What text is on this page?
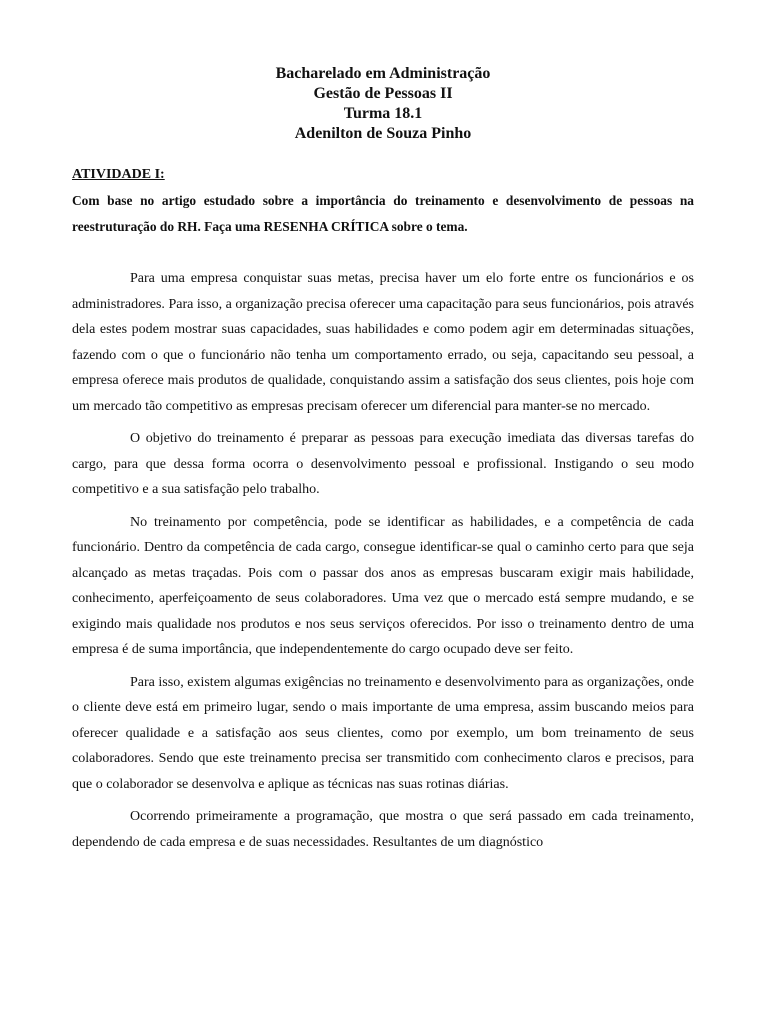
Bacharelado em Administração
Gestão de Pessoas II
Turma 18.1
Adenilton de Souza Pinho
ATIVIDADE I:
Com base no artigo estudado sobre a importância do treinamento e desenvolvimento de pessoas na reestruturação do RH. Faça uma RESENHA CRÍTICA sobre o tema.

Para uma empresa conquistar suas metas, precisa haver um elo forte entre os funcionários e os administradores. Para isso, a organização precisa oferecer uma capacitação para seus funcionários, pois através dela estes podem mostrar suas capacidades, suas habilidades e como podem agir em determinadas situações, fazendo com o que o funcionário não tenha um comportamento errado, ou seja, capacitando seu pessoal, a empresa oferece mais produtos de qualidade, conquistando assim a satisfação dos seus clientes, pois hoje com um mercado tão competitivo as empresas precisam oferecer um diferencial para manter-se no mercado.

O objetivo do treinamento é preparar as pessoas para execução imediata das diversas tarefas do cargo, para que dessa forma ocorra o desenvolvimento pessoal e profissional. Instigando o seu modo competitivo e a sua satisfação pelo trabalho.

No treinamento por competência, pode se identificar as habilidades, e a competência de cada funcionário. Dentro da competência de cada cargo, consegue identificar-se qual o caminho certo para que seja alcançado as metas traçadas. Pois com o passar dos anos as empresas buscaram exigir mais habilidade, conhecimento, aperfeiçoamento de seus colaboradores. Uma vez que o mercado está sempre mudando, e se exigindo mais qualidade nos produtos e nos seus serviços oferecidos. Por isso o treinamento dentro de uma empresa é de suma importância, que independentemente do cargo ocupado deve ser feito.

Para isso, existem algumas exigências no treinamento e desenvolvimento para as organizações, onde o cliente deve está em primeiro lugar, sendo o mais importante de uma empresa, assim buscando meios para oferecer qualidade e a satisfação aos seus clientes, como por exemplo, um bom treinamento de seus colaboradores. Sendo que este treinamento precisa ser transmitido com conhecimento claros e precisos, para que o colaborador se desenvolva e aplique as técnicas nas suas rotinas diárias.

Ocorrendo primeiramente a programação, que mostra o que será passado em cada treinamento, dependendo de cada empresa e de suas necessidades. Resultantes de um diagnóstico
